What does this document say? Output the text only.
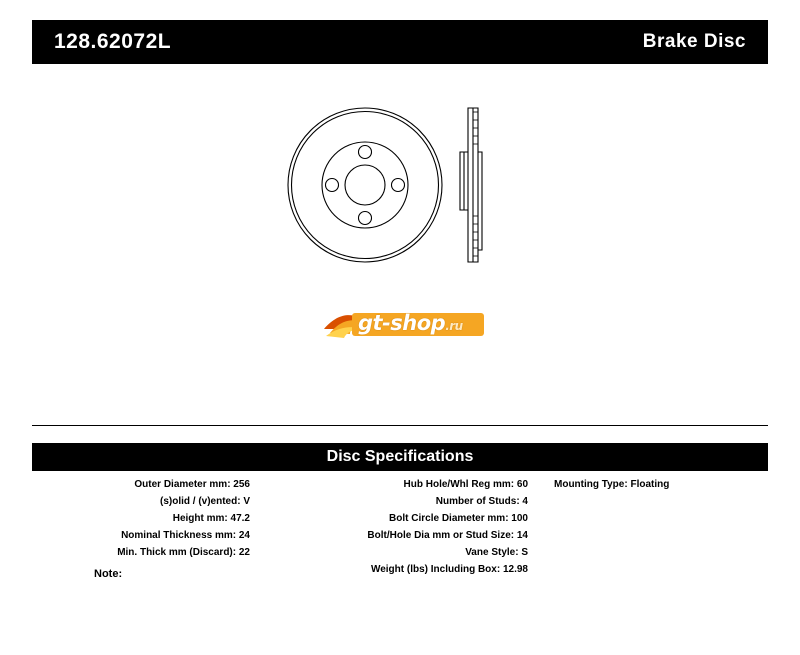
128.62072L	Brake Disc
gt-shop.ru
Disc Specifications
Outer Diameter mm: 256
(s)olid / (v)ented: V
Height mm: 47.2
Nominal Thickness mm: 24
Min. Thick mm (Discard): 22
Hub Hole/Whl Reg mm: 60
Number of Studs: 4
Bolt Circle Diameter mm: 100
Bolt/Hole Dia mm or Stud Size: 14
Vane Style: S
Weight (lbs) Including Box: 12.98
Mounting Type: Floating
Note:
